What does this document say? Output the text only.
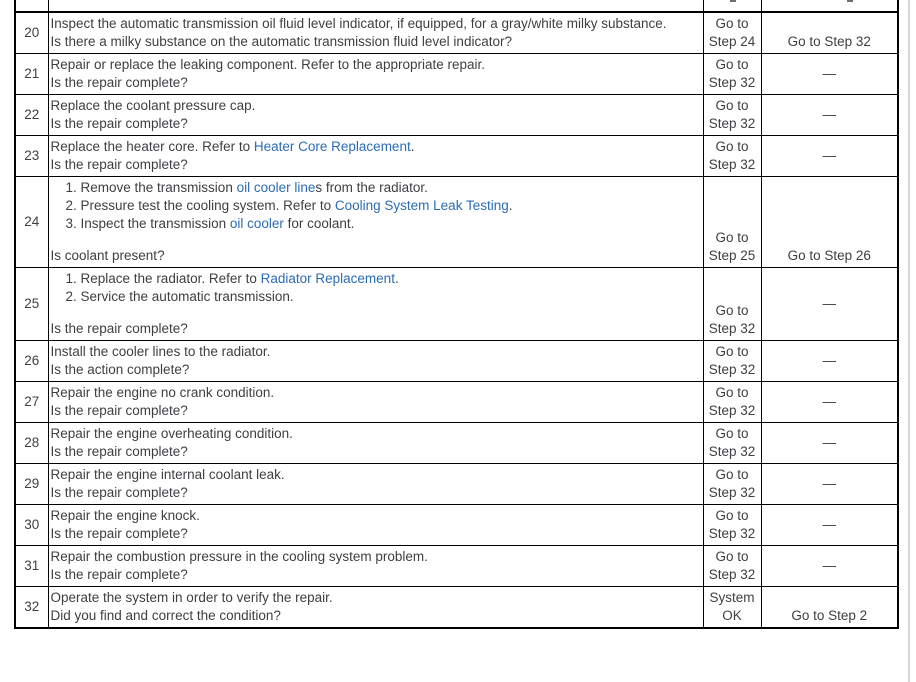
20	Inspect the automatic transmission oil fluid level indicator, if equipped, for a gray/white milky substance.
Is there a milky substance on the automatic transmission fluid level indicator?	Go to Step 24	Go to Step 32
21	Repair or replace the leaking component. Refer to the appropriate repair.
Is the repair complete?	Go to Step 32	—
22	Replace the coolant pressure cap.
Is the repair complete?	Go to Step 32	—
23	Replace the heater core. Refer to Heater Core Replacement.
Is the repair complete?	Go to Step 32	—
24	1. Remove the transmission oil cooler lines from the radiator.
2. Pressure test the cooling system. Refer to Cooling System Leak Testing.
3. Inspect the transmission oil cooler for coolant.
Is coolant present?	Go to Step 25	Go to Step 26
25	1. Replace the radiator. Refer to Radiator Replacement.
2. Service the automatic transmission.
Is the repair complete?	Go to Step 32	—
26	Install the cooler lines to the radiator.
Is the action complete?	Go to Step 32	—
27	Repair the engine no crank condition.
Is the repair complete?	Go to Step 32	—
28	Repair the engine overheating condition.
Is the repair complete?	Go to Step 32	—
29	Repair the engine internal coolant leak.
Is the repair complete?	Go to Step 32	—
30	Repair the engine knock.
Is the repair complete?	Go to Step 32	—
31	Repair the combustion pressure in the cooling system problem.
Is the repair complete?	Go to Step 32	—
32	Operate the system in order to verify the repair.
Did you find and correct the condition?	System OK	Go to Step 2
